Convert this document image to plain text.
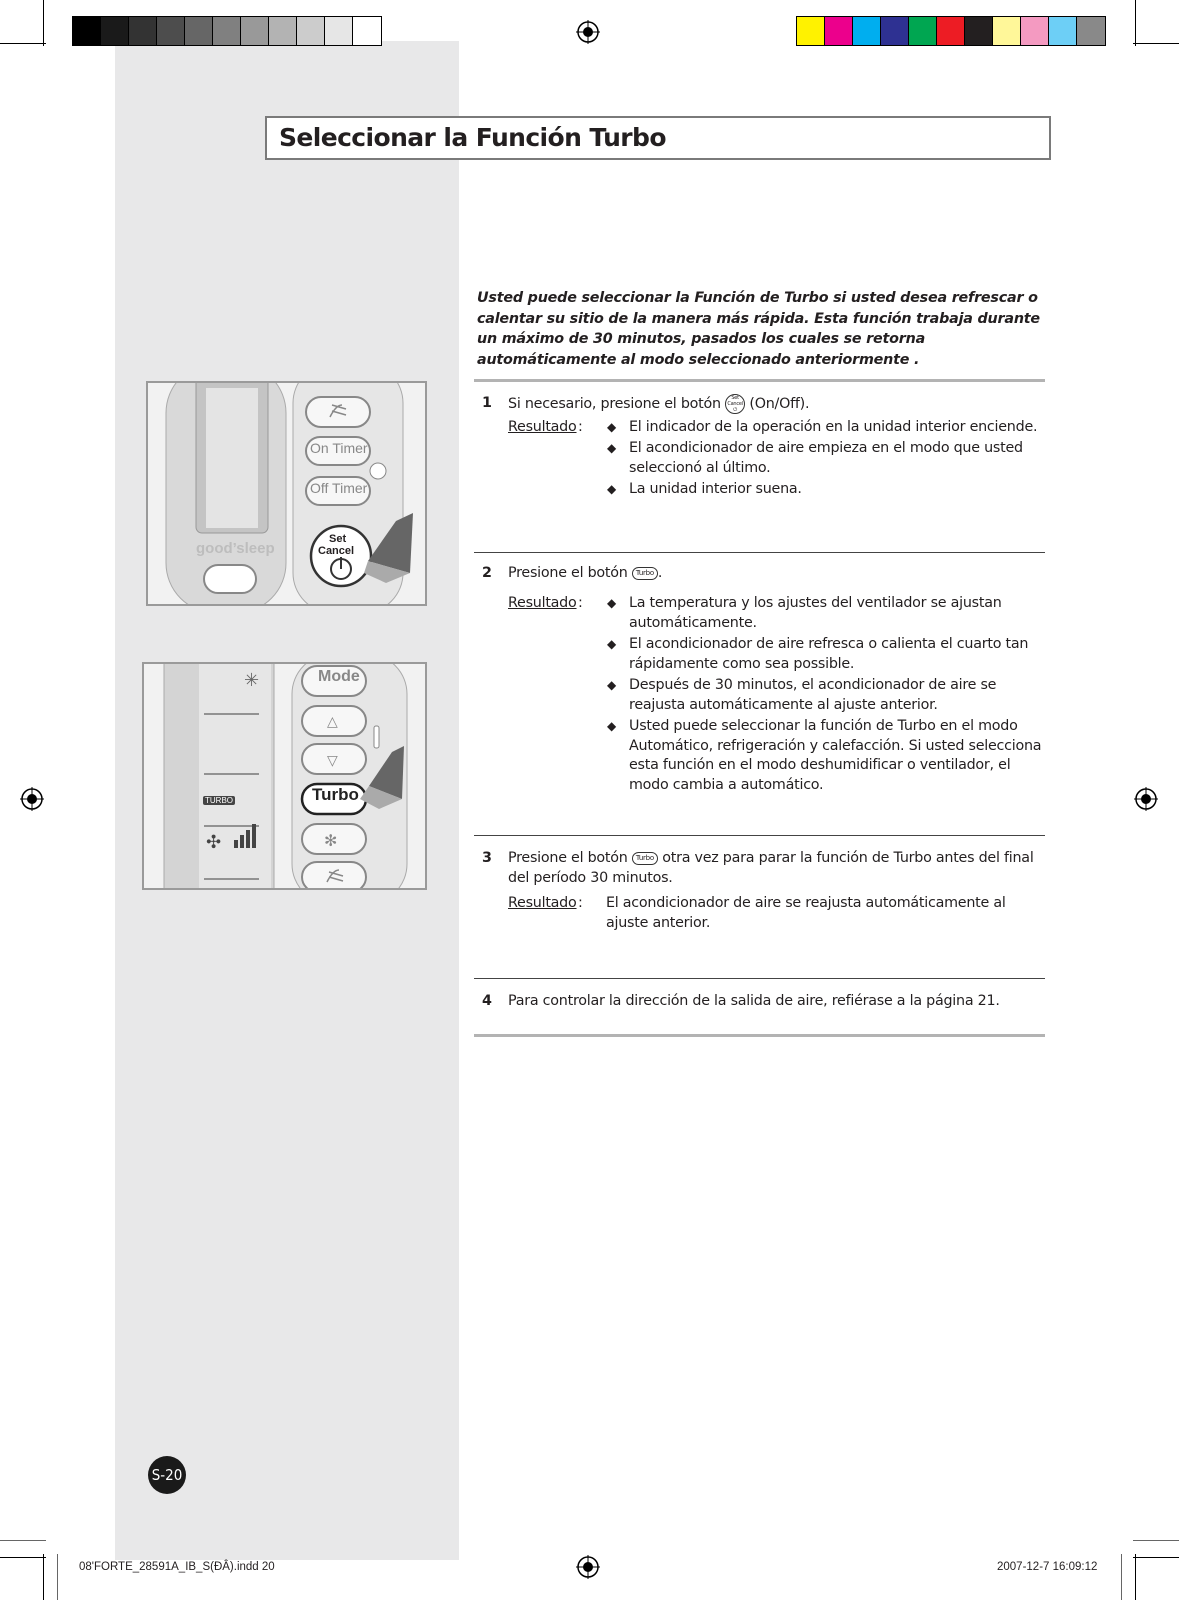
Seleccionar la Función Turbo
Usted puede seleccionar la Función de Turbo si usted desea refrescar o calentar su sitio de la manera más rápida. Esta función trabaja durante un máximo de 30 minutos, pasados los cuales se retorna automáticamente al modo seleccionado anteriormente .
1 Si necesario, presione el botón Set
Cancel
⏻ (On/Off).
Resultado : ◆ El indicador de la operación en la unidad interior enciende.
◆ El acondicionador de aire empieza en el modo que usted seleccionó al último.
◆ La unidad interior suena.
2 Presione el botón Turbo .
Resultado : ◆ La temperatura y los ajustes del ventilador se ajustan automáticamente.
◆ El acondicionador de aire refresca o calienta el cuarto tan rápidamente como sea possible.
◆ Después de 30 minutos, el acondicionador de aire se reajusta automáticamente al ajuste anterior.
◆ Usted puede seleccionar la función de Turbo en el modo Automático, refrigeración y calefacción. Si usted selecciona esta función en el modo deshumidificar o ventilador, el modo cambia a automático.
3 Presione el botón Turbo otra vez para parar la función de Turbo antes del final del período 30 minutos.
Resultado : El acondicionador de aire se reajusta automáticamente al ajuste anterior.
4 Para controlar la dirección de la salida de aire, refiérase a la página 21.
On Timer
Off Timer
Set
Cancel
good’sleep
✳
✣
△
▽
✻
Mode
Turbo
TURBO
S-20
08'FORTE_28591A_IB_S(ÐÂ).indd 20	2007-12-7 16:09:12
